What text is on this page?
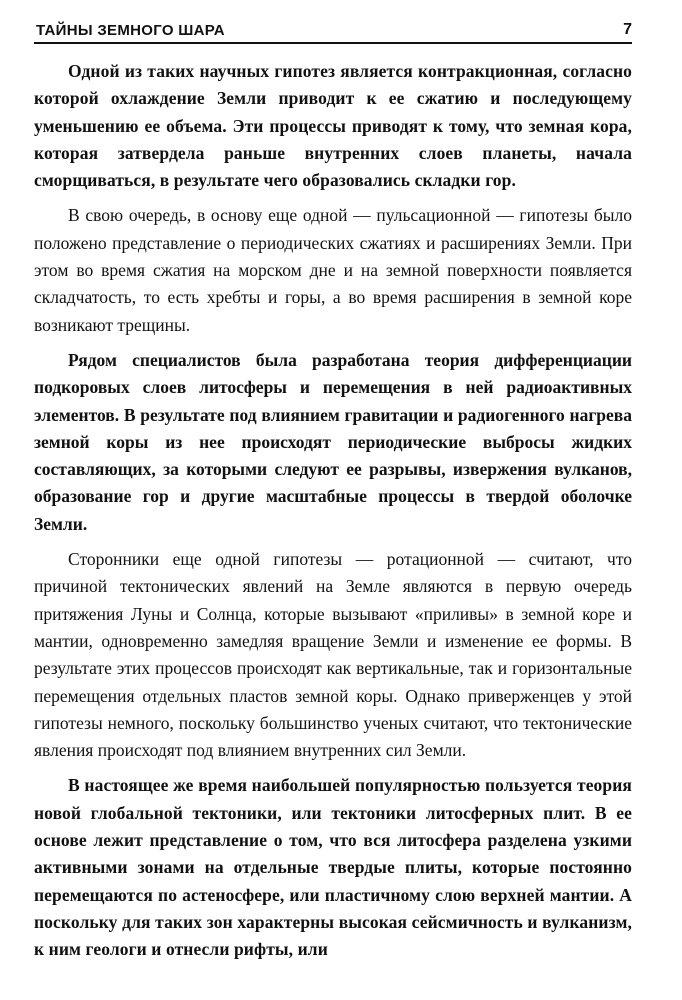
ТАЙНЫ ЗЕМНОГО ШАРА	7

Одной из таких научных гипотез является контракционная, согласно которой охлаждение Земли приводит к ее сжатию и последующему уменьшению ее объема. Эти процессы приводят к тому, что земная кора, которая затвердела раньше внутренних слоев планеты, начала сморщиваться, в результате чего образовались складки гор.

В свою очередь, в основу еще одной — пульсационной — гипотезы было положено представление о периодических сжатиях и расширениях Земли. При этом во время сжатия на морском дне и на земной поверхности появляется складчатость, то есть хребты и горы, а во время расширения в земной коре возникают трещины.

Рядом специалистов была разработана теория дифференциации подкоровых слоев литосферы и перемещения в ней радиоактивных элементов. В результате под влиянием гравитации и радиогенного нагрева земной коры из нее происходят периодические выбросы жидких составляющих, за которыми следуют ее разрывы, извержения вулканов, образование гор и другие масштабные процессы в твердой оболочке Земли.

Сторонники еще одной гипотезы — ротационной — считают, что причиной тектонических явлений на Земле являются в первую очередь притяжения Луны и Солнца, которые вызывают «приливы» в земной коре и мантии, одновременно замедляя вращение Земли и изменение ее формы. В результате этих процессов происходят как вертикальные, так и горизонтальные перемещения отдельных пластов земной коры. Однако приверженцев у этой гипотезы немного, поскольку большинство ученых считают, что тектонические явления происходят под влиянием внутренних сил Земли.

В настоящее же время наибольшей популярностью пользуется теория новой глобальной тектоники, или тектоники литосферных плит. В ее основе лежит представление о том, что вся литосфера разделена узкими активными зонами на отдельные твердые плиты, которые постоянно перемещаются по астеносфере, или пластичному слою верхней мантии. А поскольку для таких зон характерны высокая сейсмичность и вулканизм, к ним геологи и отнесли рифты, или
